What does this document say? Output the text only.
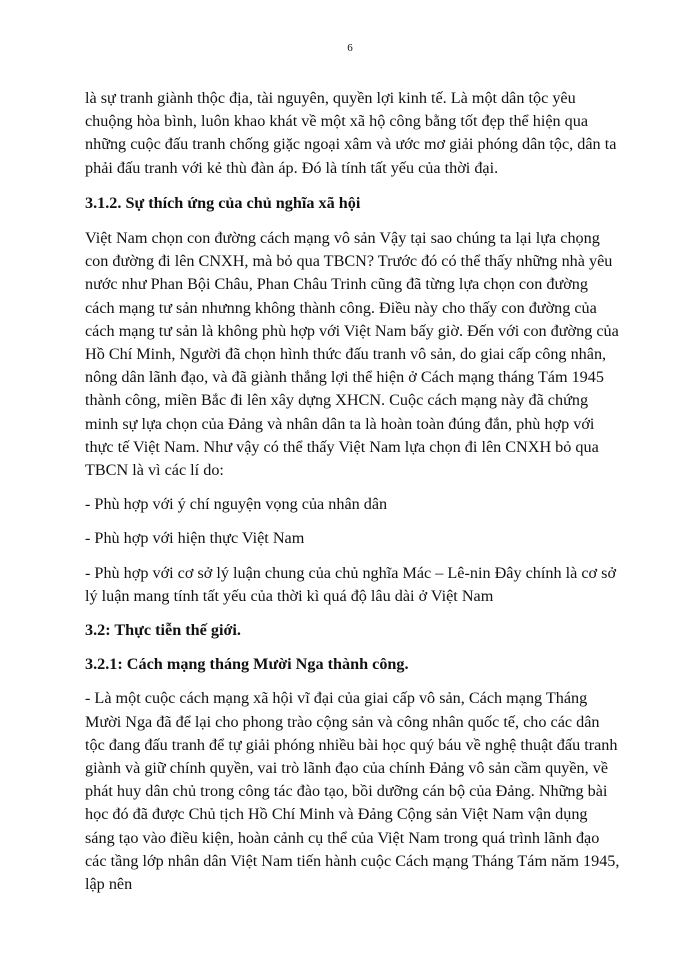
6

là sự tranh giành thộc địa, tài nguyên, quyền lợi kinh tế. Là một dân tộc yêu chuộng hòa bình, luôn khao khát về một xã hộ công bằng tốt đẹp thể hiện qua những cuộc đấu tranh chống giặc ngoại xâm và ước mơ giải phóng dân tộc, dân ta phải đấu tranh với kẻ thù đàn áp. Đó là tính tất yếu của thời đại.

3.1.2. Sự thích ứng của chủ nghĩa xã hội

Việt Nam chọn con đường cách mạng vô sản Vậy tại sao chúng ta lại lựa chọng con đường đi lên CNXH, mà bỏ qua TBCN? Trước đó có thể thấy những nhà yêu nước như Phan Bội Châu, Phan Châu Trinh cũng đã từng lựa chọn con đường cách mạng tư sản nhưnng không thành công. Điều này cho thấy con đường của cách mạng tư sản là không phù hợp với Việt Nam bấy giờ. Đến với con đường của Hồ Chí Minh, Người đã chọn hình thức đấu tranh vô sản, do giai cấp công nhân, nông dân lãnh đạo, và đã giành thắng lợi thể hiện ở Cách mạng tháng Tám 1945 thành công, miền Bắc đi lên xây dựng XHCN. Cuộc cách mạng này đã chứng minh sự lựa chọn của Đảng và nhân dân ta là hoàn toàn đúng đắn, phù hợp với thực tế Việt Nam. Như vậy có thể thấy Việt Nam lựa chọn đi lên CNXH bỏ qua TBCN là vì các lí do:

- Phù hợp với ý chí nguyện vọng của nhân dân

- Phù hợp với hiện thực Việt Nam

- Phù hợp với cơ sở lý luận chung của chủ nghĩa Mác – Lê-nin Đây chính là cơ sở lý luận mang tính tất yếu của thời kì quá độ lâu dài ở Việt Nam

3.2: Thực tiễn thế giới.

3.2.1: Cách mạng tháng Mười Nga thành công.

- Là một cuộc cách mạng xã hội vĩ đại của giai cấp vô sản, Cách mạng Tháng Mười Nga đã để lại cho phong trào cộng sản và công nhân quốc tế, cho các dân tộc đang đấu tranh để tự giải phóng nhiều bài học quý báu về nghệ thuật đấu tranh giành và giữ chính quyền, vai trò lãnh đạo của chính Đảng vô sản cầm quyền, về phát huy dân chủ trong công tác đào tạo, bồi dưỡng cán bộ của Đảng. Những bài học đó đã được Chủ tịch Hồ Chí Minh và Đảng Cộng sản Việt Nam vận dụng sáng tạo vào điều kiện, hoàn cảnh cụ thể của Việt Nam trong quá trình lãnh đạo các tầng lớp nhân dân Việt Nam tiến hành cuộc Cách mạng Tháng Tám năm 1945, lập nên
